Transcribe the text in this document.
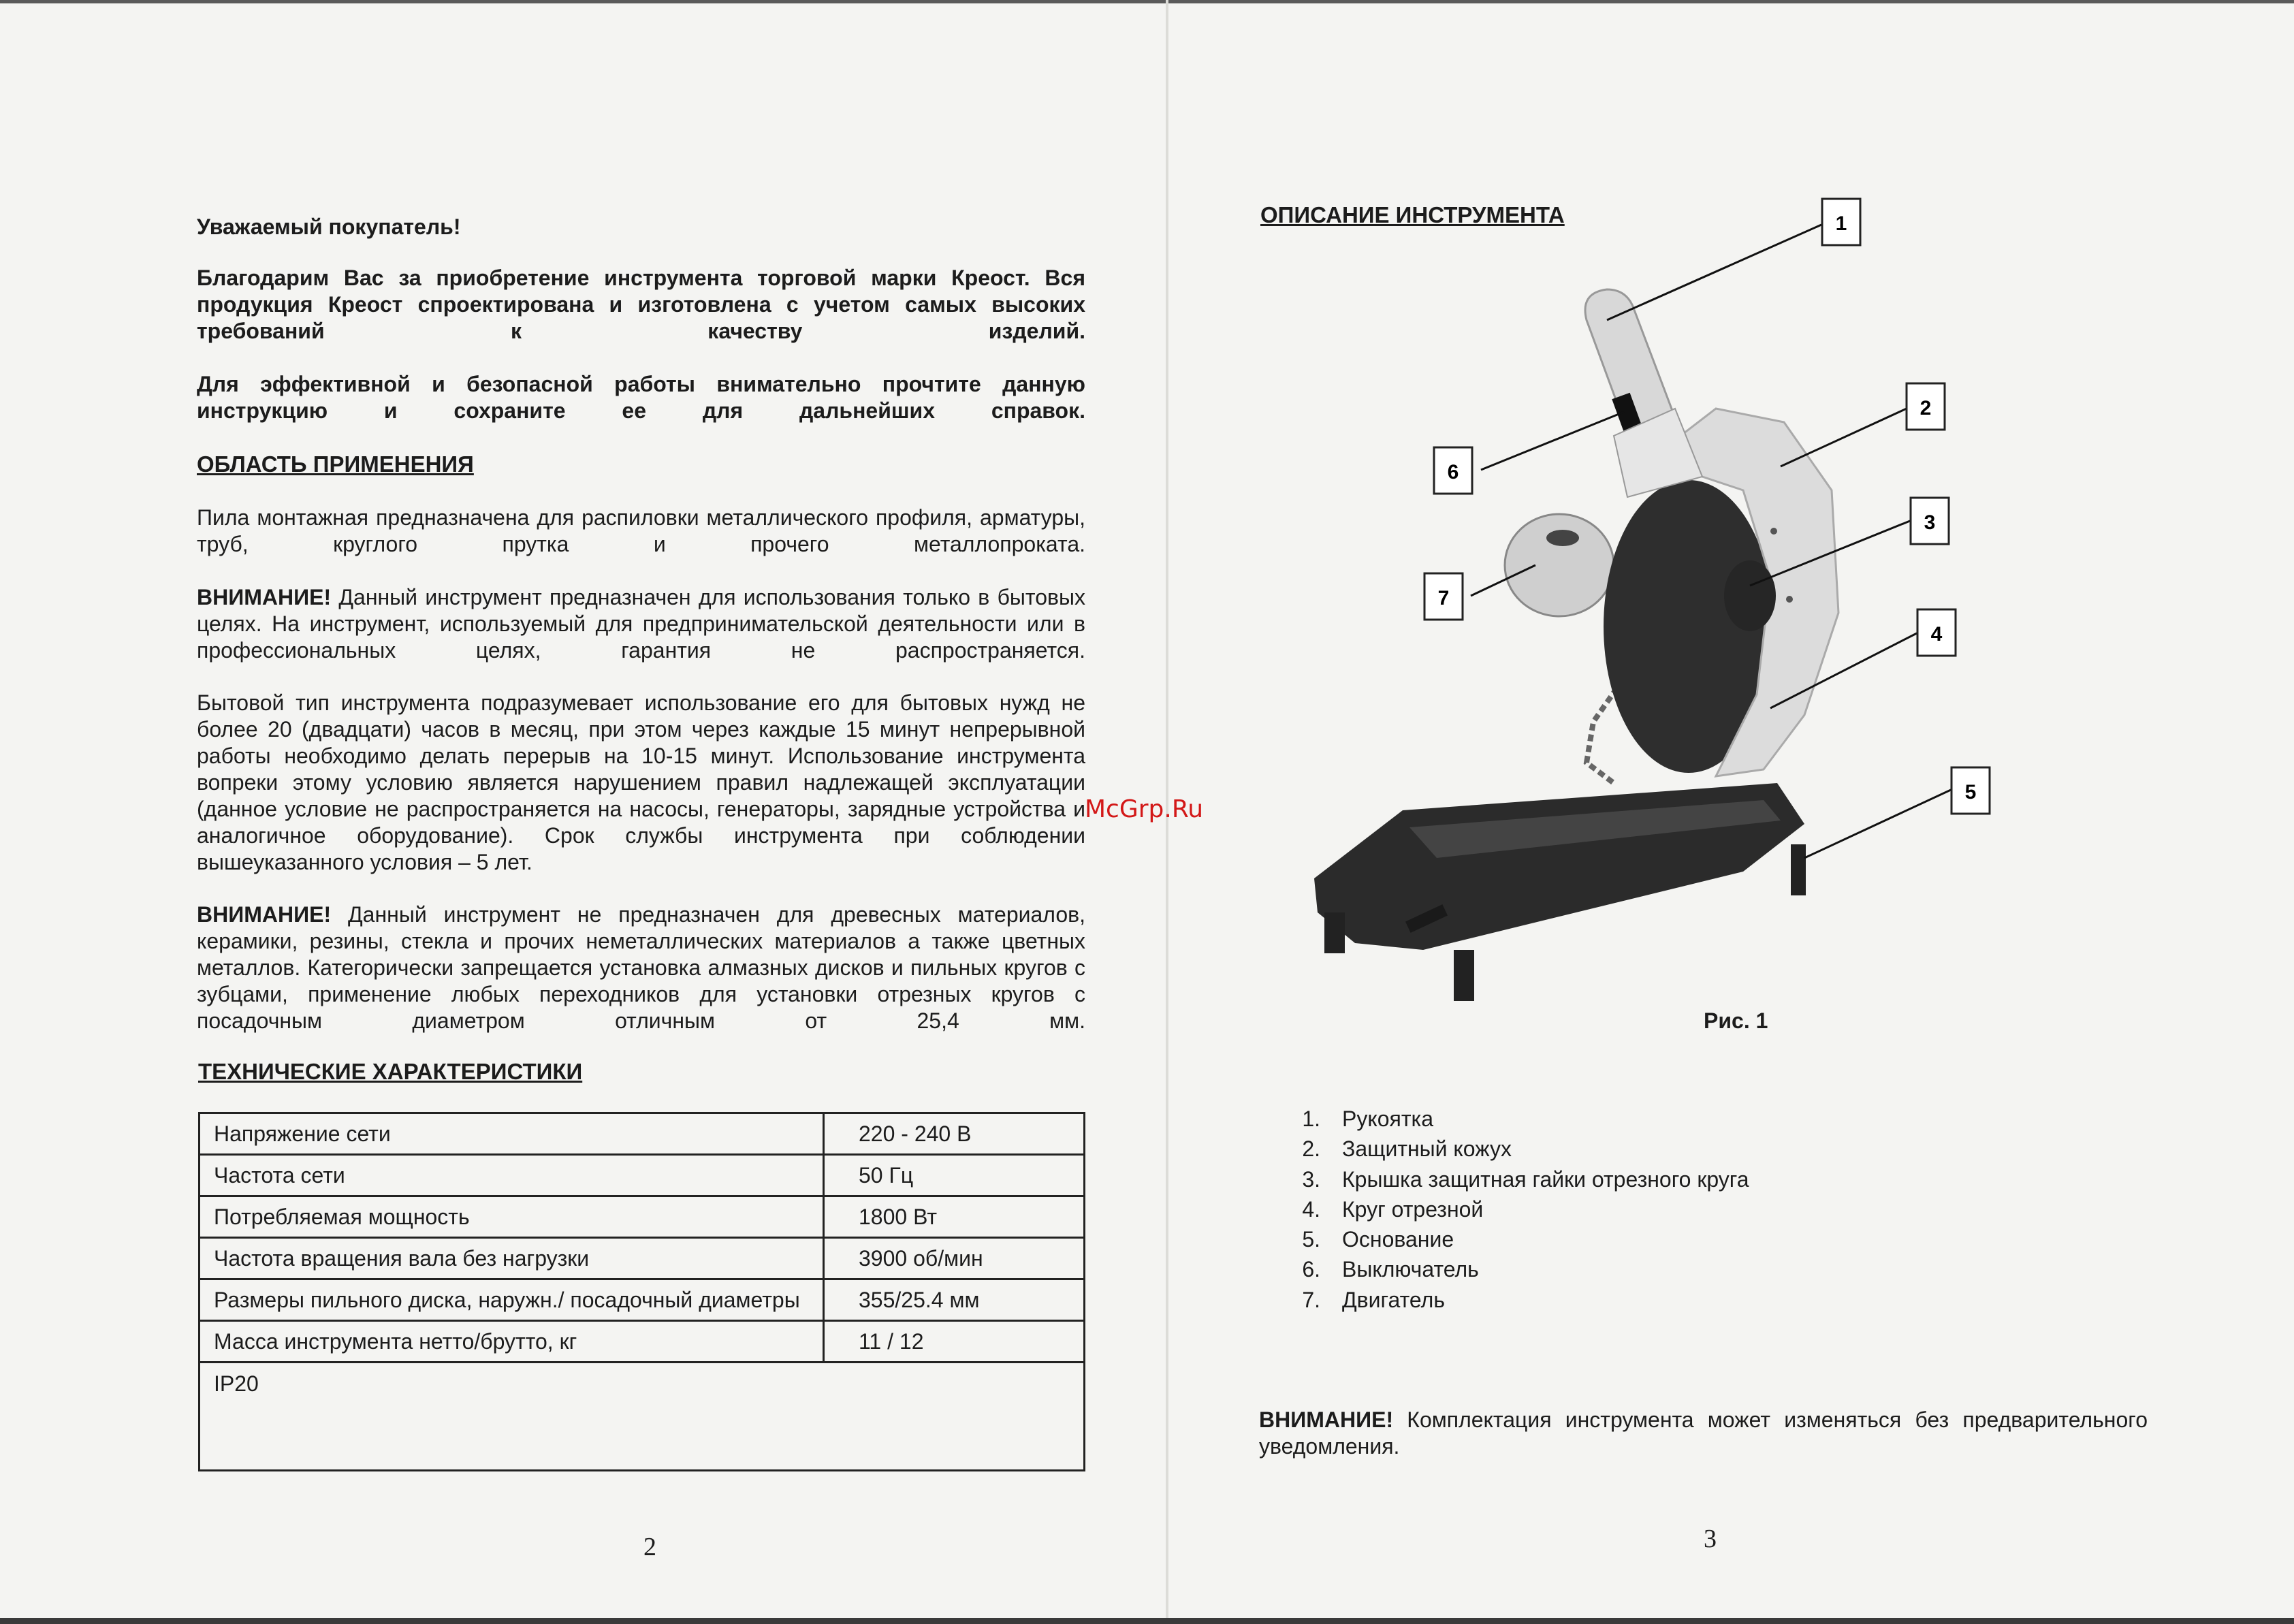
Уважаемый покупатель!
Благодарим Вас за приобретение инструмента торговой марки Креост. Вся продукция Креост спроектирована и изготовлена с учетом самых высоких требований к качеству изделий.
Для эффективной и безопасной работы внимательно прочтите данную инструкцию и сохраните ее для дальнейших справок.
ОБЛАСТЬ ПРИМЕНЕНИЯ
Пила монтажная предназначена для распиловки металлического профиля, арматуры, труб, круглого прутка и прочего металлопроката.
ВНИМАНИЕ! Данный инструмент предназначен для использования только в бытовых целях. На инструмент, используемый для предпринимательской деятельности или в профессиональных целях, гарантия не распространяется.
Бытовой тип инструмента подразумевает использование его для бытовых нужд не более 20 (двадцати) часов в месяц, при этом через каждые 15 минут непрерывной работы необходимо делать перерыв на 10-15 минут. Использование инструмента вопреки этому условию является нарушением правил надлежащей эксплуатации (данное условие не распространяется на насосы, генераторы, зарядные устройства и аналогичное оборудование). Срок службы инструмента при соблюдении вышеуказанного условия – 5 лет.
ВНИМАНИЕ! Данный инструмент не предназначен для древесных материалов, керамики, резины, стекла и прочих неметаллических материалов а также цветных металлов. Категорически запрещается установка алмазных дисков и пильных кругов с зубцами, применение любых переходников для установки отрезных кругов с посадочным диаметром отличным от 25,4 мм.
ТЕХНИЧЕСКИЕ ХАРАКТЕРИСТИКИ
Напряжение сети	220 - 240 В
Частота сети	50 Гц
Потребляемая мощность	1800 Вт
Частота вращения вала без нагрузки	3900 об/мин
Размеры пильного диска, наружн./ посадочный диаметры	355/25.4 мм
Масса инструмента нетто/брутто, кг	11 / 12
IP20	
2
McGrp.Ru
ОПИСАНИЕ ИНСТРУМЕНТА	1
2
3
4
5
6
7
Рис. 1
1.	Рукоятка
2.	Защитный кожух
3.	Крышка защитная гайки отрезного круга
4.	Круг отрезной
5.	Основание
6.	Выключатель
7.	Двигатель
ВНИМАНИЕ! Комплектация инструмента может изменяться без предварительного уведомления.
3
